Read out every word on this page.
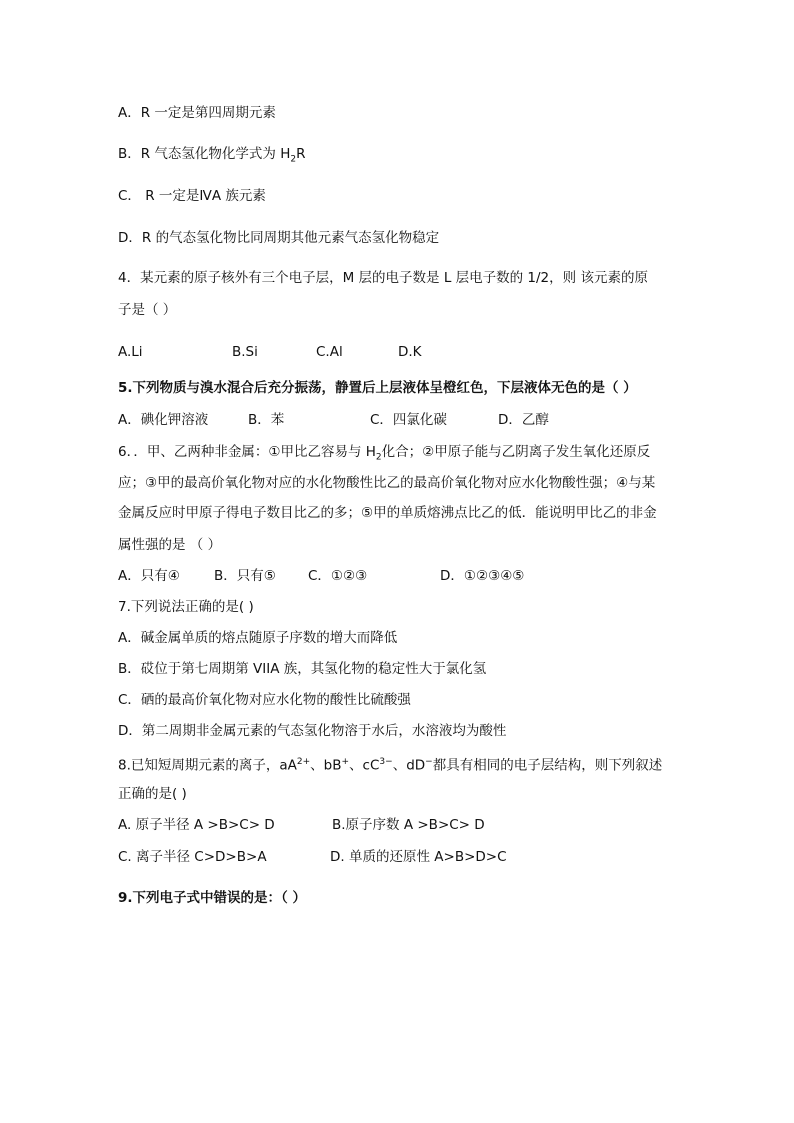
A．R 一定是第四周期元素
B．R 气态氢化物化学式为 $H_2R$
C． R 一定是ⅣA 族元素
D．R 的气态氢化物比同周期其他元素气态氢化物稳定
4．某元素的原子核外有三个电子层，M 层的电子数是 L 层电子数的 1/2，则 该元素的原
子是（ ）
A.Li	B.Si	C.Al	D.K
5.下列物质与溴水混合后充分振荡，静置后上层液体呈橙红色，下层液体无色的是（ ）
A．碘化钾溶液	B．苯	C．四氯化碳	D．乙醇
6．．甲、乙两种非金属：①甲比乙容易与 $H_2$化合；②甲原子能与乙阴离子发生氧化还原反
应；③甲的最高价氧化物对应的水化物酸性比乙的最高价氧化物对应水化物酸性强；④与某
金属反应时甲原子得电子数目比乙的多；⑤甲的单质熔沸点比乙的低．能说明甲比乙的非金
属性强的是 （ ）
A．只有④	B．只有⑤ C．①②③	D．①②③④⑤
7.下列说法正确的是( )
A．碱金属单质的熔点随原子序数的增大而降低
B．砹位于第七周期第 VIIA 族，其氢化物的稳定性大于氯化氢
C．硒的最高价氧化物对应水化物的酸性比硫酸强
D．第二周期非金属元素的气态氢化物溶于水后，水溶液均为酸性
8.已知短周期元素的离子，$aA^{2+}$、bB+、$cC^{3-}$、dD−都具有相同的电子层结构，则下列叙述
正确的是( )
A. 原子半径 A >B>C> D	B.原子序数 A >B>C> D
C. 离子半径 C>D>B>A	D. 单质的还原性 A>B>D>C
9.下列电子式中错误的是：（ ）
